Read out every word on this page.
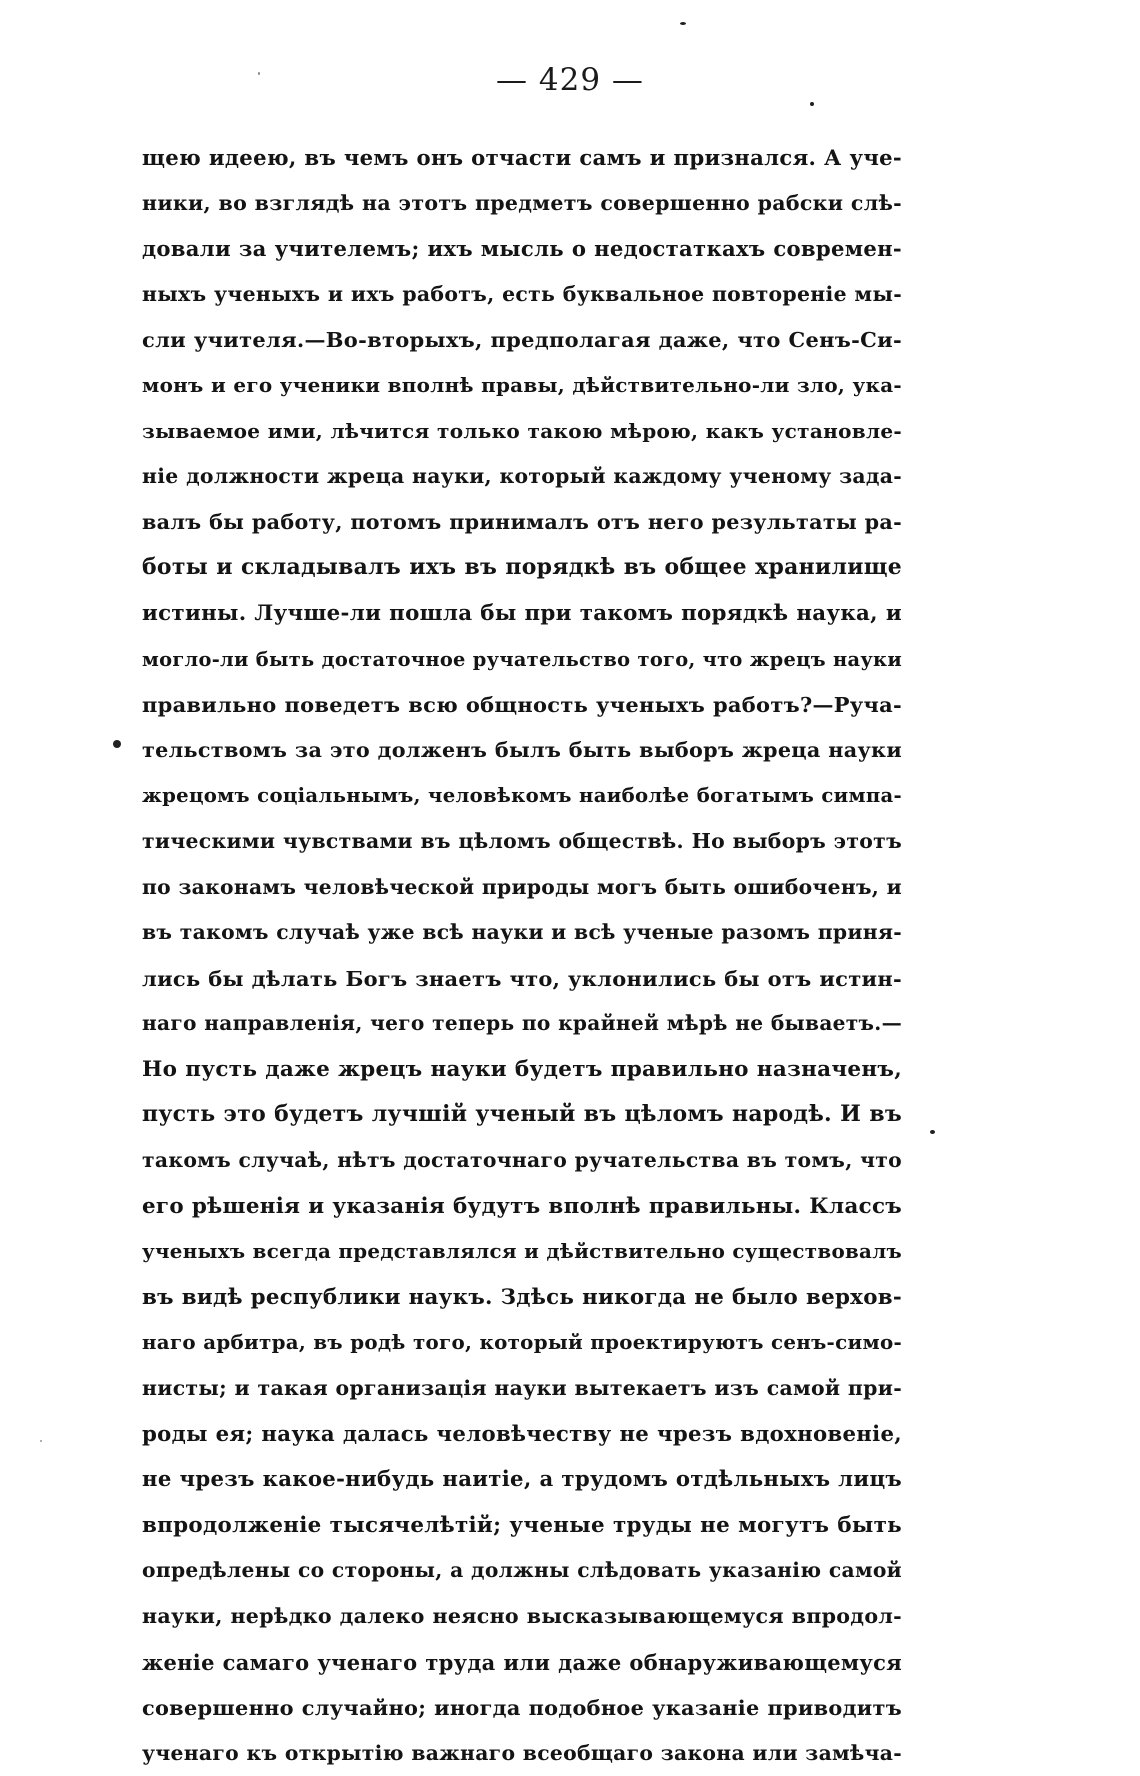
— 429 —
щею идеею, въ чемъ онъ отчасти самъ и признался. А уче-
ники, во взглядѣ на этотъ предметъ совершенно рабски слѣ-
довали за учителемъ; ихъ мысль о недостаткахъ современ-
ныхъ ученыхъ и ихъ работъ, есть буквальное повторенiе мы-
сли учителя.—Во-вторыхъ, предполагая даже, что Сенъ-Си-
монъ и его ученики вполнѣ правы, дѣйствительно-ли зло, ука-
зываемое ими, лѣчится только такою мѣрою, какъ установле-
нiе должности жреца науки, который каждому ученому зада-
валъ бы работу, потомъ принималъ отъ него результаты ра-
боты и складывалъ ихъ въ порядкѣ въ общее хранилище
истины. Лучше-ли пошла бы при такомъ порядкѣ наука, и
могло-ли быть достаточное ручательство того, что жрецъ науки
правильно поведетъ всю общность ученыхъ работъ?—Руча-
тельствомъ за это долженъ былъ быть выборъ жреца науки
жрецомъ соцiальнымъ, человѣкомъ наиболѣе богатымъ симпа-
тическими чувствами въ цѣломъ обществѣ. Но выборъ этотъ
по законамъ человѣческой природы могъ быть ошибоченъ, и
въ такомъ случаѣ уже всѣ науки и всѣ ученые разомъ приня-
лись бы дѣлать Богъ знаетъ что, уклонились бы отъ истин-
наго направленiя, чего теперь по крайней мѣрѣ не бываетъ.—
Но пусть даже жрецъ науки будетъ правильно назначенъ,
пусть это будетъ лучшiй ученый въ цѣломъ народѣ. И въ
такомъ случаѣ, нѣтъ достаточнаго ручательства въ томъ, что
его рѣшенiя и указанiя будутъ вполнѣ правильны. Классъ
ученыхъ всегда представлялся и дѣйствительно существовалъ
въ видѣ республики наукъ. Здѣсь никогда не было верхов-
наго арбитра, въ родѣ того, который проектируютъ сенъ-симо-
нисты; и такая организацiя науки вытекаетъ изъ самой при-
роды ея; наука далась человѣчеству не чрезъ вдохновенiе,
не чрезъ какое-нибудь наитiе, а трудомъ отдѣльныхъ лицъ
впродолженiе тысячелѣтiй; ученые труды не могутъ быть
опредѣлены со стороны, а должны слѣдовать указанiю самой
науки, нерѣдко далеко неясно высказывающемуся впродол-
женiе самаго ученаго труда или даже обнаруживающемуся
совершенно случайно; иногда подобное указанiе приводитъ
ученаго къ открытiю важнаго всеобщаго закона или замѣча-
